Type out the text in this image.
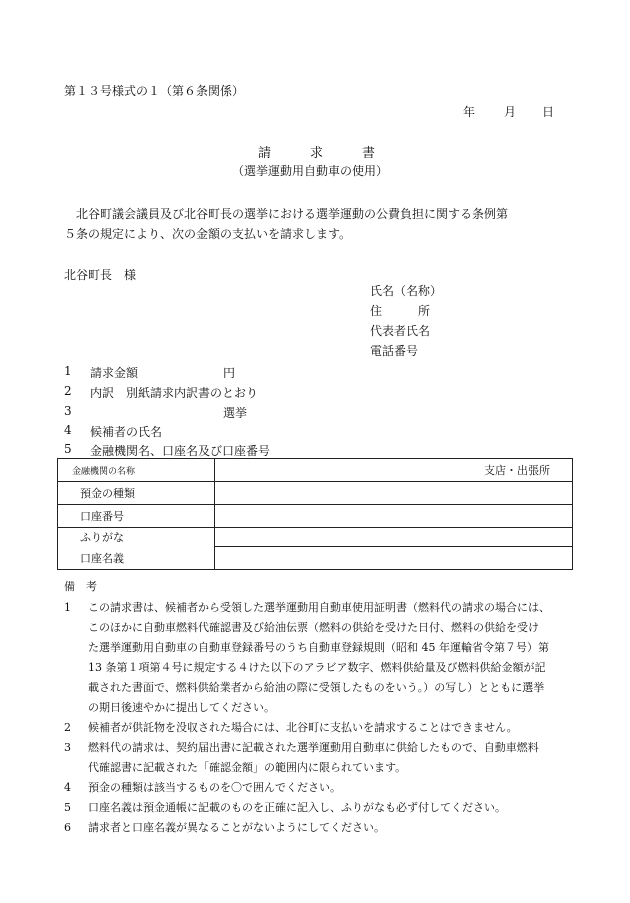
第１３号様式の１（第６条関係）
年 月 日
請　　　求　　　書
（選挙運動用自動車の使用）
北谷町議会議員及び北谷町長の選挙における選挙運動の公費負担に関する条例第
５条の規定により、次の金額の支払いを請求します。
北谷町長　様
氏名（名称）
住　　　所
代表者氏名
電話番号
1 請求金額	円
2 内訳　別紙請求内訳書のとおり
3	選挙
4 候補者の氏名
5 金融機関名、口座名及び口座番号
金融機関の名称	支店・出張所
預金の種類	
口座番号	
ふりがな	
口座名義	
備　考
1 この請求書は、候補者から受領した選挙運動用自動車使用証明書（燃料代の請求の場合には、
このほかに自動車燃料代確認書及び給油伝票（燃料の供給を受けた日付、燃料の供給を受け
た選挙運動用自動車の自動車登録番号のうち自動車登録規則（昭和 45 年運輸省令第７号）第
13 条第１項第４号に規定する４けた以下のアラビア数字、燃料供給量及び燃料供給金額が記
載された書面で、燃料供給業者から給油の際に受領したものをいう。）の写し）とともに選挙
の期日後速やかに提出してください。
2 候補者が供託物を没収された場合には、北谷町に支払いを請求することはできません。
3 燃料代の請求は、契約届出書に記載された選挙運動用自動車に供給したもので、自動車燃料
代確認書に記載された「確認金額」の範囲内に限られています。
4 預金の種類は該当するものを〇で囲んでください。
5 口座名義は預金通帳に記載のものを正確に記入し、ふりがなも必ず付してください。
6 請求者と口座名義が異なることがないようにしてください。
